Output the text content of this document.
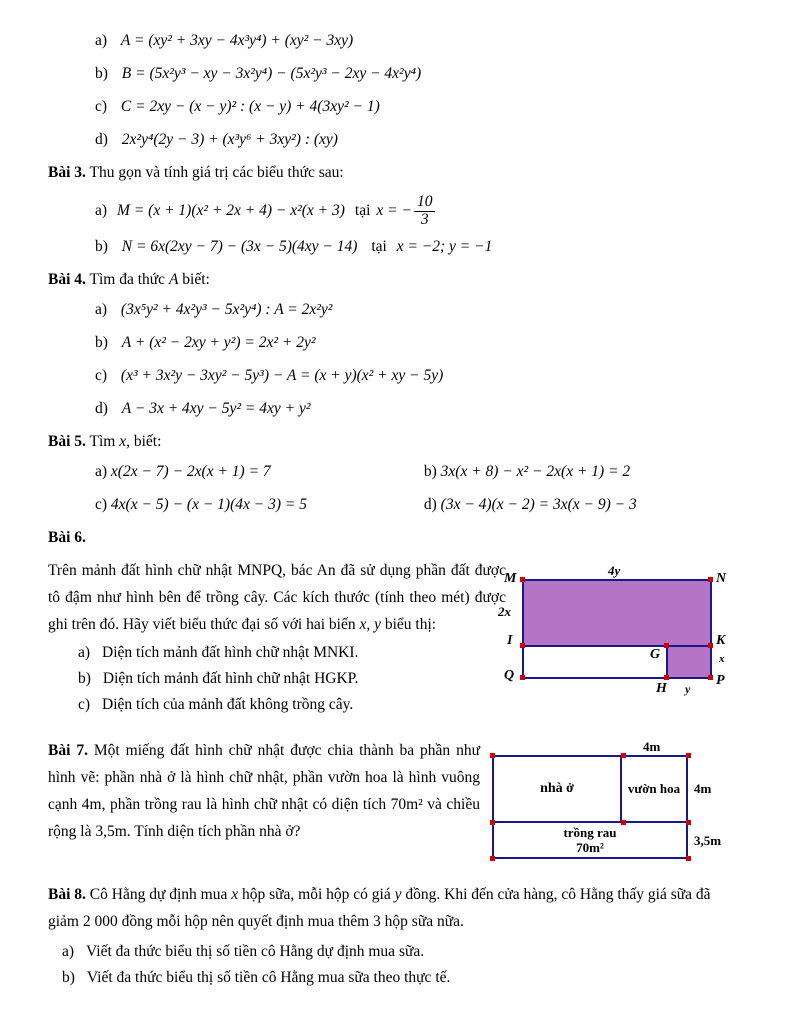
a) A = (xy² + 3xy − 4x³y⁴) + (xy² − 3xy)
b) B = (5x²y³ − xy − 3x²y⁴) − (5x²y³ − 2xy − 4x²y⁴)
c) C = 2xy − (x − y)² : (x − y) + 4(3xy² − 1)
d) 2x²y⁴(2y − 3) + (x³y⁶ + 3xy²) : (xy)
Bài 3. Thu gọn và tính giá trị các biểu thức sau:
a) M = (x + 1)(x² + 2x + 4) − x²(x + 3) tại x = − $\frac{10}{3}$
b) N = 6x(2xy − 7) − (3x − 5)(4xy − 14) tại x = −2; y = −1
Bài 4. Tìm đa thức A biết:
a) (3x⁵y² + 4x²y³ − 5x²y⁴) : A = 2x²y²
b) A + (x² − 2xy + y²) = 2x² + 2y²
c) (x³ + 3x²y − 3xy² − 5y³) − A = (x + y)(x² + xy − 5y)
d) A − 3x + 4xy − 5y² = 4xy + y²
Bài 5. Tìm x, biết:
a) x(2x − 7) − 2x(x + 1) = 7	b) 3x(x + 8) − x² − 2x(x + 1) = 2
c) 4x(x − 5) − (x − 1)(4x − 3) = 5	d) (3x − 4)(x − 2) = 3x(x − 9) − 3
Bài 6.
Trên mảnh đất hình chữ nhật MNPQ, bác An đã sử dụng phần đất được tô đậm như hình bên để trồng cây. Các kích thước (tính theo mét) được ghi trên đó. Hãy viết biểu thức đại số với hai biến x, y biểu thị:
a) Diện tích mảnh đất hình chữ nhật MNKI.
b) Diện tích mảnh đất hình chữ nhật HGKP.
c) Diện tích của mảnh đất không trồng cây.
M	N
4y
2x
I	K
x
G
Q
H y
P
Bài 7. Một miếng đất hình chữ nhật được chia thành ba phần như hình vẽ: phần nhà ở là hình chữ nhật, phần vườn hoa là hình vuông cạnh 4m, phần trồng rau là hình chữ nhật có diện tích 70m² và chiều rộng là 3,5m. Tính diện tích phần nhà ở?
nhà ở	vườn hoa
trồng rau
70m²
4m
4m
3,5m
Bài 8. Cô Hằng dự định mua x hộp sữa, mỗi hộp có giá y đồng. Khi đến cửa hàng, cô Hằng thấy giá sữa đã giảm 2 000 đồng mỗi hộp nên quyết định mua thêm 3 hộp sữa nữa.
a) Viết đa thức biểu thị số tiền cô Hằng dự định mua sữa.
b) Viết đa thức biểu thị số tiền cô Hằng mua sữa theo thực tế.
